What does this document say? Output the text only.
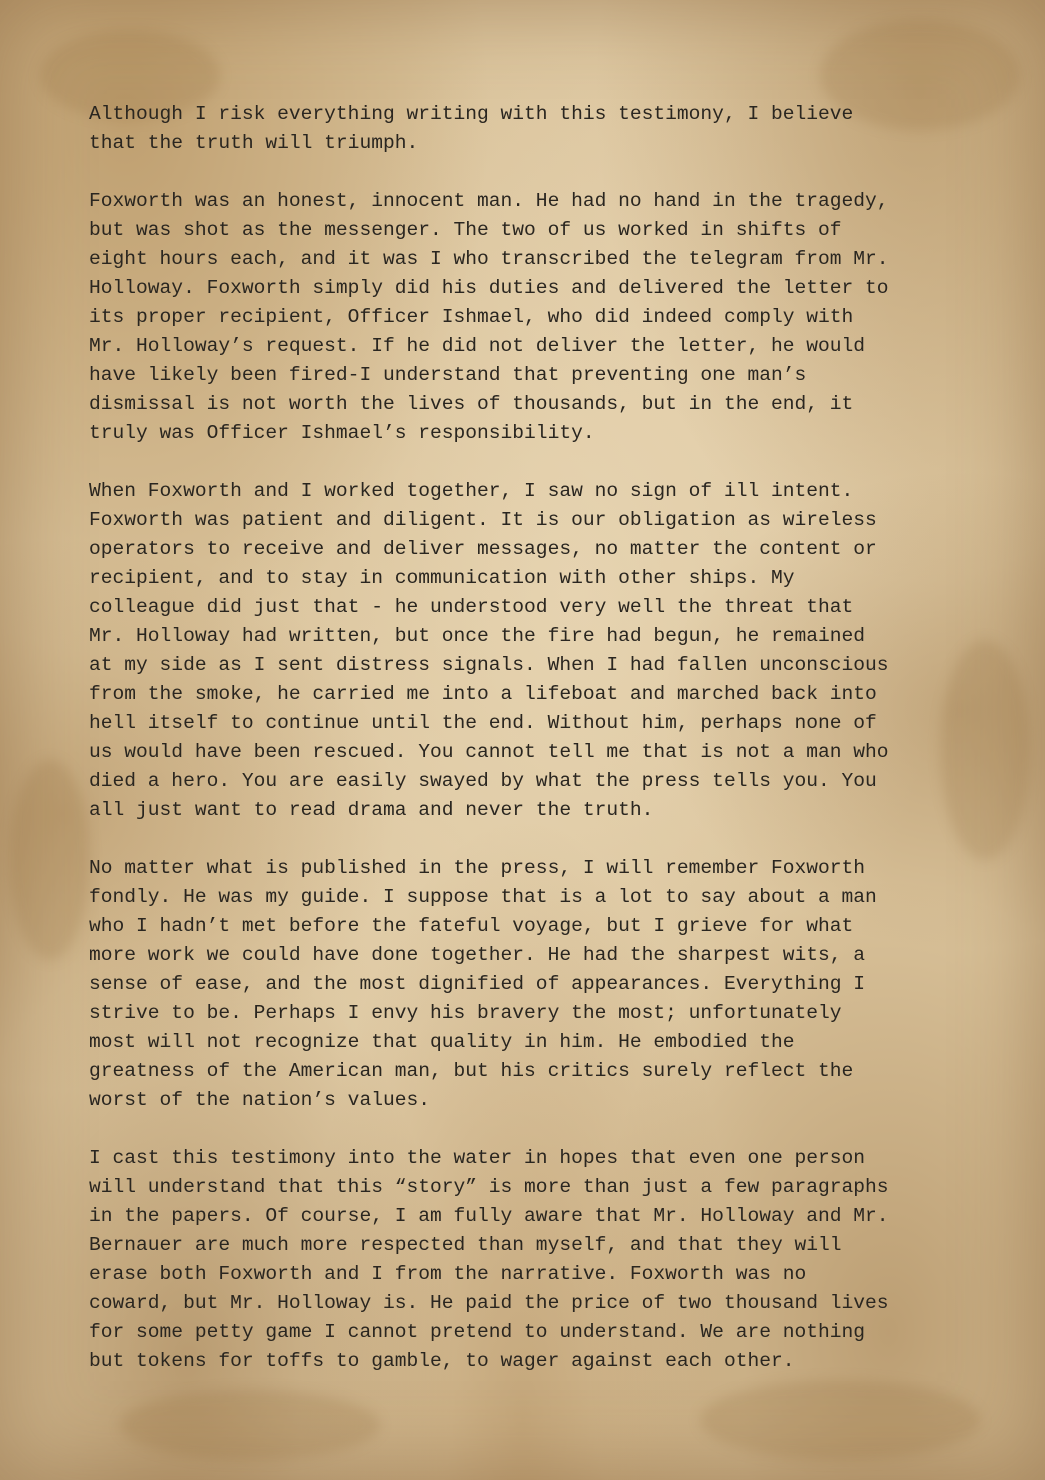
Although I risk everything writing with this testimony, I believe
that the truth will triumph.

Foxworth was an honest, innocent man. He had no hand in the tragedy,
but was shot as the messenger. The two of us worked in shifts of
eight hours each, and it was I who transcribed the telegram from Mr.
Holloway. Foxworth simply did his duties and delivered the letter to
its proper recipient, Officer Ishmael, who did indeed comply with
Mr. Holloway’s request. If he did not deliver the letter, he would
have likely been fired-I understand that preventing one man’s
dismissal is not worth the lives of thousands, but in the end, it
truly was Officer Ishmael’s responsibility.

When Foxworth and I worked together, I saw no sign of ill intent.
Foxworth was patient and diligent. It is our obligation as wireless
operators to receive and deliver messages, no matter the content or
recipient, and to stay in communication with other ships. My
colleague did just that - he understood very well the threat that
Mr. Holloway had written, but once the fire had begun, he remained
at my side as I sent distress signals. When I had fallen unconscious
from the smoke, he carried me into a lifeboat and marched back into
hell itself to continue until the end. Without him, perhaps none of
us would have been rescued. You cannot tell me that is not a man who
died a hero. You are easily swayed by what the press tells you. You
all just want to read drama and never the truth.

No matter what is published in the press, I will remember Foxworth
fondly. He was my guide. I suppose that is a lot to say about a man
who I hadn’t met before the fateful voyage, but I grieve for what
more work we could have done together. He had the sharpest wits, a
sense of ease, and the most dignified of appearances. Everything I
strive to be. Perhaps I envy his bravery the most; unfortunately
most will not recognize that quality in him. He embodied the
greatness of the American man, but his critics surely reflect the
worst of the nation’s values.

I cast this testimony into the water in hopes that even one person
will understand that this “story” is more than just a few paragraphs
in the papers. Of course, I am fully aware that Mr. Holloway and Mr.
Bernauer are much more respected than myself, and that they will
erase both Foxworth and I from the narrative. Foxworth was no
coward, but Mr. Holloway is. He paid the price of two thousand lives
for some petty game I cannot pretend to understand. We are nothing
but tokens for toffs to gamble, to wager against each other.
